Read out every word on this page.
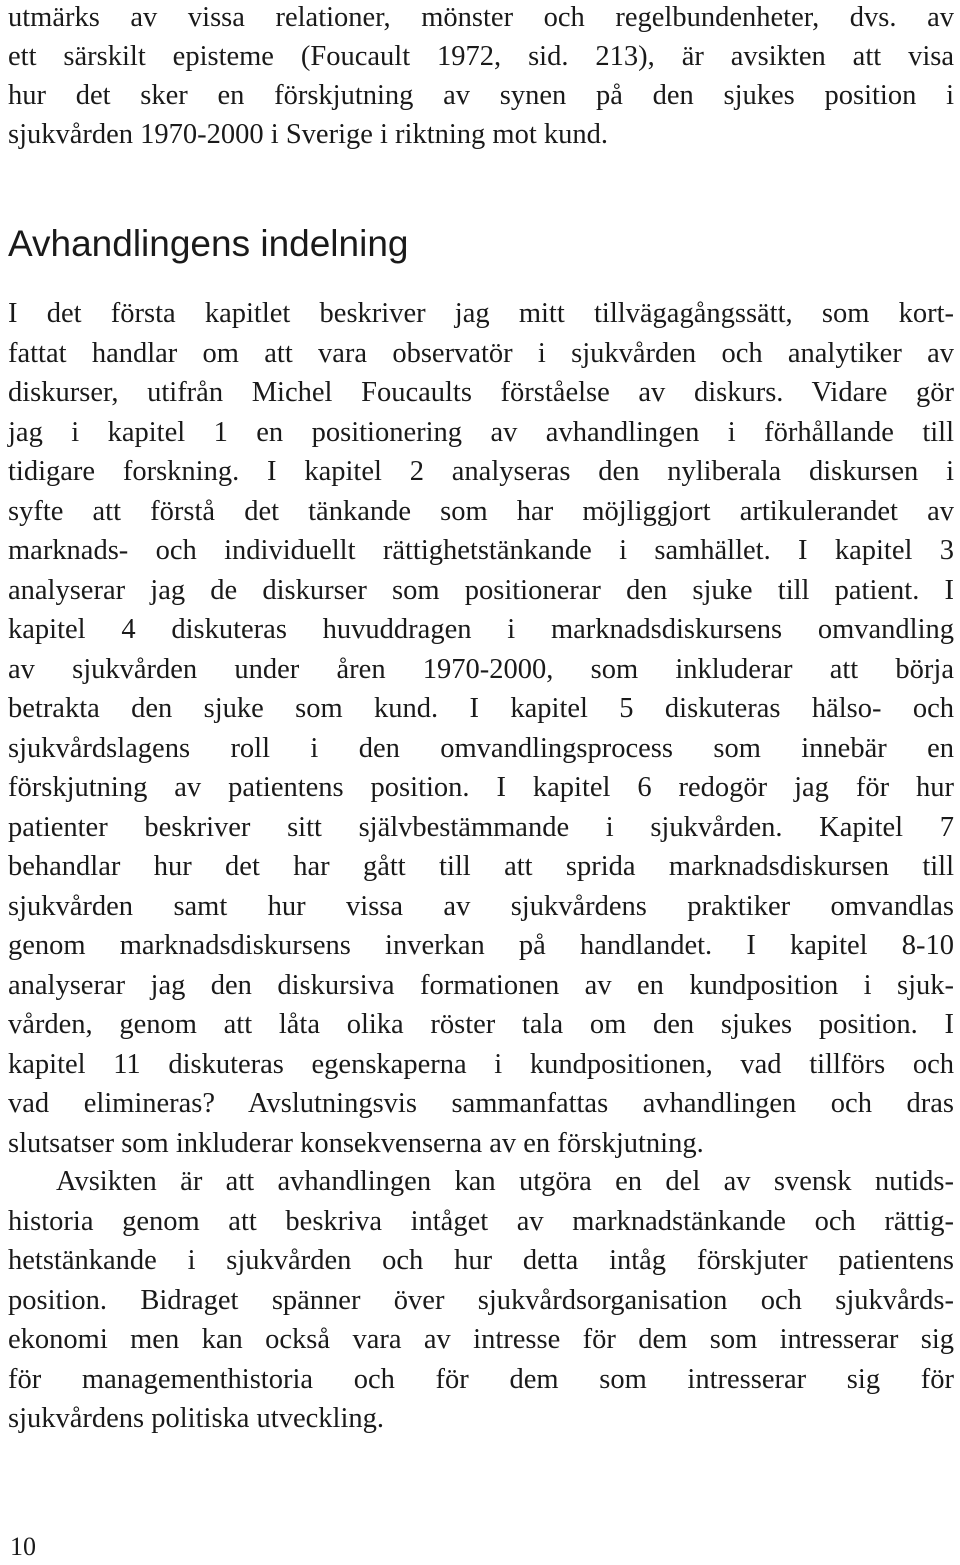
utmärks av vissa relationer, mönster och regelbundenheter, dvs. av
ett särskilt episteme (Foucault 1972, sid. 213), är avsikten att visa
hur det sker en förskjutning av synen på den sjukes position i
sjukvården 1970-2000 i Sverige i riktning mot kund.
Avhandlingens indelning
I det första kapitlet beskriver jag mitt tillvägagångssätt, som kort-
fattat handlar om att vara observatör i sjukvården och analytiker av
diskurser, utifrån Michel Foucaults förståelse av diskurs. Vidare gör
jag i kapitel 1 en positionering av avhandlingen i förhållande till
tidigare forskning. I kapitel 2 analyseras den nyliberala diskursen i
syfte att förstå det tänkande som har möjliggjort artikulerandet av
marknads- och individuellt rättighetstänkande i samhället. I kapitel 3
analyserar jag de diskurser som positionerar den sjuke till patient. I
kapitel 4 diskuteras huvuddragen i marknadsdiskursens omvandling
av sjukvården under åren 1970-2000, som inkluderar att börja
betrakta den sjuke som kund. I kapitel 5 diskuteras hälso- och
sjukvårdslagens roll i den omvandlingsprocess som innebär en
förskjutning av patientens position. I kapitel 6 redogör jag för hur
patienter beskriver sitt självbestämmande i sjukvården. Kapitel 7
behandlar hur det har gått till att sprida marknadsdiskursen till
sjukvården samt hur vissa av sjukvårdens praktiker omvandlas
genom marknadsdiskursens inverkan på handlandet. I kapitel 8-10
analyserar jag den diskursiva formationen av en kundposition i sjuk-
vården, genom att låta olika röster tala om den sjukes position. I
kapitel 11 diskuteras egenskaperna i kundpositionen, vad tillförs och
vad elimineras? Avslutningsvis sammanfattas avhandlingen och dras
slutsatser som inkluderar konsekvenserna av en förskjutning.
Avsikten är att avhandlingen kan utgöra en del av svensk nutids-
historia genom att beskriva intåget av marknadstänkande och rättig-
hetstänkande i sjukvården och hur detta intåg förskjuter patientens
position. Bidraget spänner över sjukvårdsorganisation och sjukvårds-
ekonomi men kan också vara av intresse för dem som intresserar sig
för managementhistoria och för dem som intresserar sig för
sjukvårdens politiska utveckling.
10
